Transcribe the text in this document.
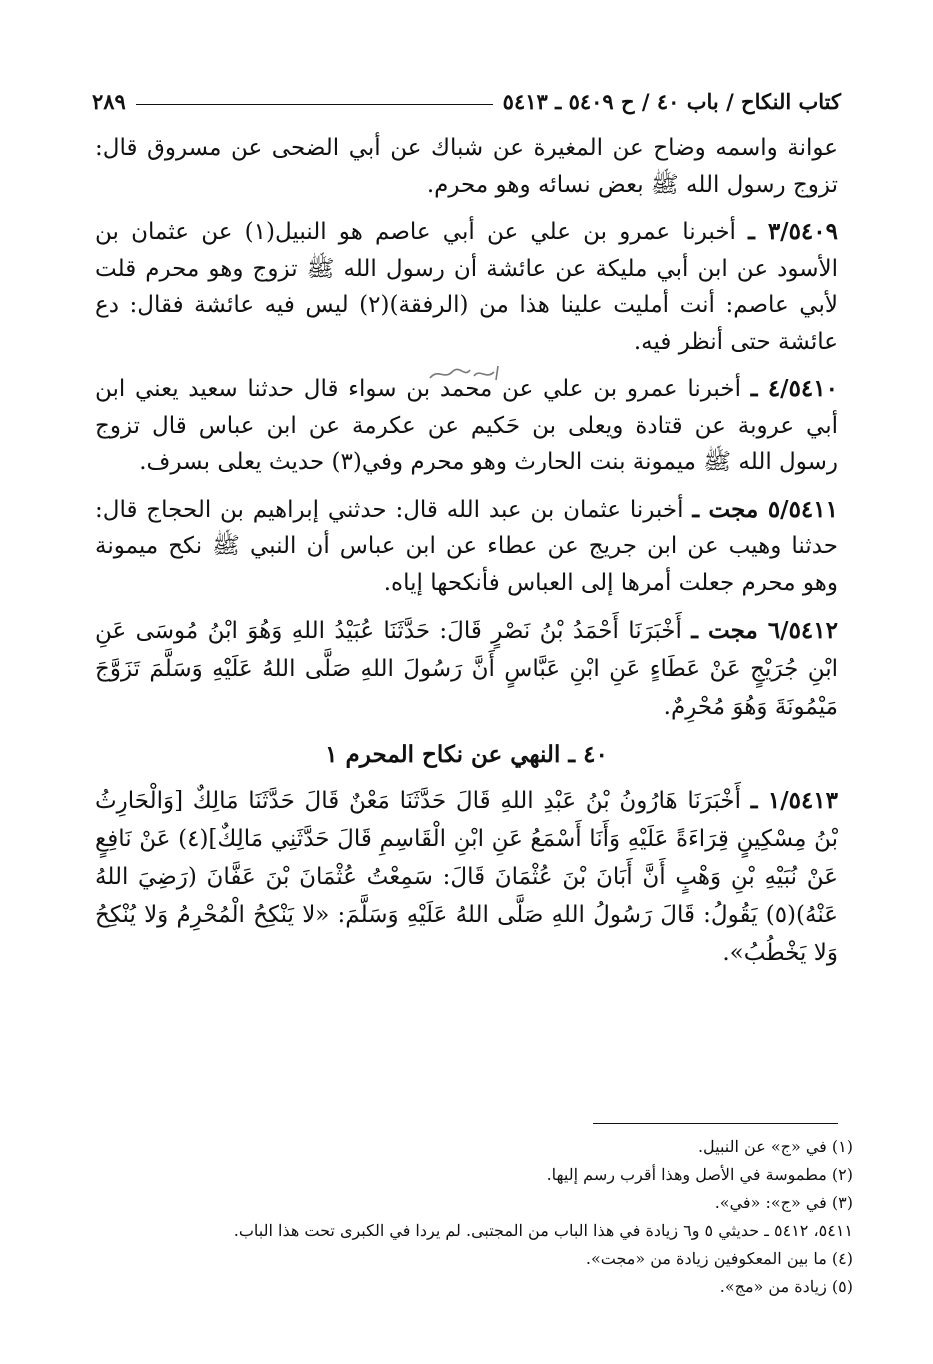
كتاب النكاح / باب ٤٠ / ح ٥٤٠٩ ـ ٥٤١٣
٢٨٩

عوانة واسمه وضاح عن المغيرة عن شباك عن أبي الضحى عن مسروق قال: تزوج رسول الله ﷺ بعض نسائه وهو محرم.

٣/٥٤٠٩ ـ أخبرنا عمرو بن علي عن أبي عاصم هو النبيل(١) عن عثمان بن الأسود عن ابن أبي مليكة عن عائشة أن رسول الله ﷺ تزوج وهو محرم قلت لأبي عاصم: أنت أمليت علينا هذا من (الرفقة)(٢) ليس فيه عائشة فقال: دع عائشة حتى أنظر فيه.

٤/٥٤١٠ ـ أخبرنا عمرو بن علي عن محمد بن سواء قال حدثنا سعيد يعني ابن أبي عروبة عن قتادة ويعلى بن حَكيم عن عكرمة عن ابن عباس قال تزوج رسول الله ﷺ ميمونة بنت الحارث وهو محرم وفي(٣) حديث يعلى بسرف.

٥/٥٤١١ مجت ـ أخبرنا عثمان بن عبد الله قال: حدثني إبراهيم بن الحجاج قال: حدثنا وهيب عن ابن جريج عن عطاء عن ابن عباس أن النبي ﷺ نكح ميمونة وهو محرم جعلت أمرها إلى العباس فأنكحها إياه.

٦/٥٤١٢ مجت ـ أَخْبَرَنَا أَحْمَدُ بْنُ نَصْرٍ قَالَ: حَدَّثَنَا عُبَيْدُ اللهِ وَهُوَ ابْنُ مُوسَى عَنِ ابْنِ جُرَيْجٍ عَنْ عَطَاءٍ عَنِ ابْنِ عَبَّاسٍ أَنَّ رَسُولَ اللهِ صَلَّى اللهُ عَلَيْهِ وَسَلَّمَ تَزَوَّجَ مَيْمُونَةَ وَهُوَ مُحْرِمٌ.

٤٠ ـ النهي عن نكاح المحرم ١

١/٥٤١٣ ـ أَخْبَرَنَا هَارُونُ بْنُ عَبْدِ اللهِ قَالَ حَدَّثَنَا مَعْنٌ قَالَ حَدَّثَنَا مَالِكٌ [وَالْحَارِثُ بْنُ مِسْكِينٍ قِرَاءَةً عَلَيْهِ وَأَنَا أَسْمَعُ عَنِ ابْنِ الْقَاسِمِ قَالَ حَدَّثَنِي مَالِكٌ](٤) عَنْ نَافِعٍ عَنْ نُبَيْهِ بْنِ وَهْبٍ أَنَّ أَبَانَ بْنَ عُثْمَانَ قَالَ: سَمِعْتُ عُثْمَانَ بْنَ عَفَّانَ (رَضِيَ اللهُ عَنْهُ)(٥) يَقُولُ: قَالَ رَسُولُ اللهِ صَلَّى اللهُ عَلَيْهِ وَسَلَّمَ: «لا يَنْكِحُ الْمُحْرِمُ وَلا يُنْكِحُ وَلا يَخْطُبُ».

(١) في «ج» عن النبيل.
(٢) مطموسة في الأصل وهذا أقرب رسم إليها.
(٣) في «ج»: «في».
٥٤١١، ٥٤١٢ ـ حديثي ٥ و٦ زيادة في هذا الباب من المجتبى. لم يردا في الكبرى تحت هذا الباب.
(٤) ما بين المعكوفين زيادة من «مجت».
(٥) زيادة من «مج».
